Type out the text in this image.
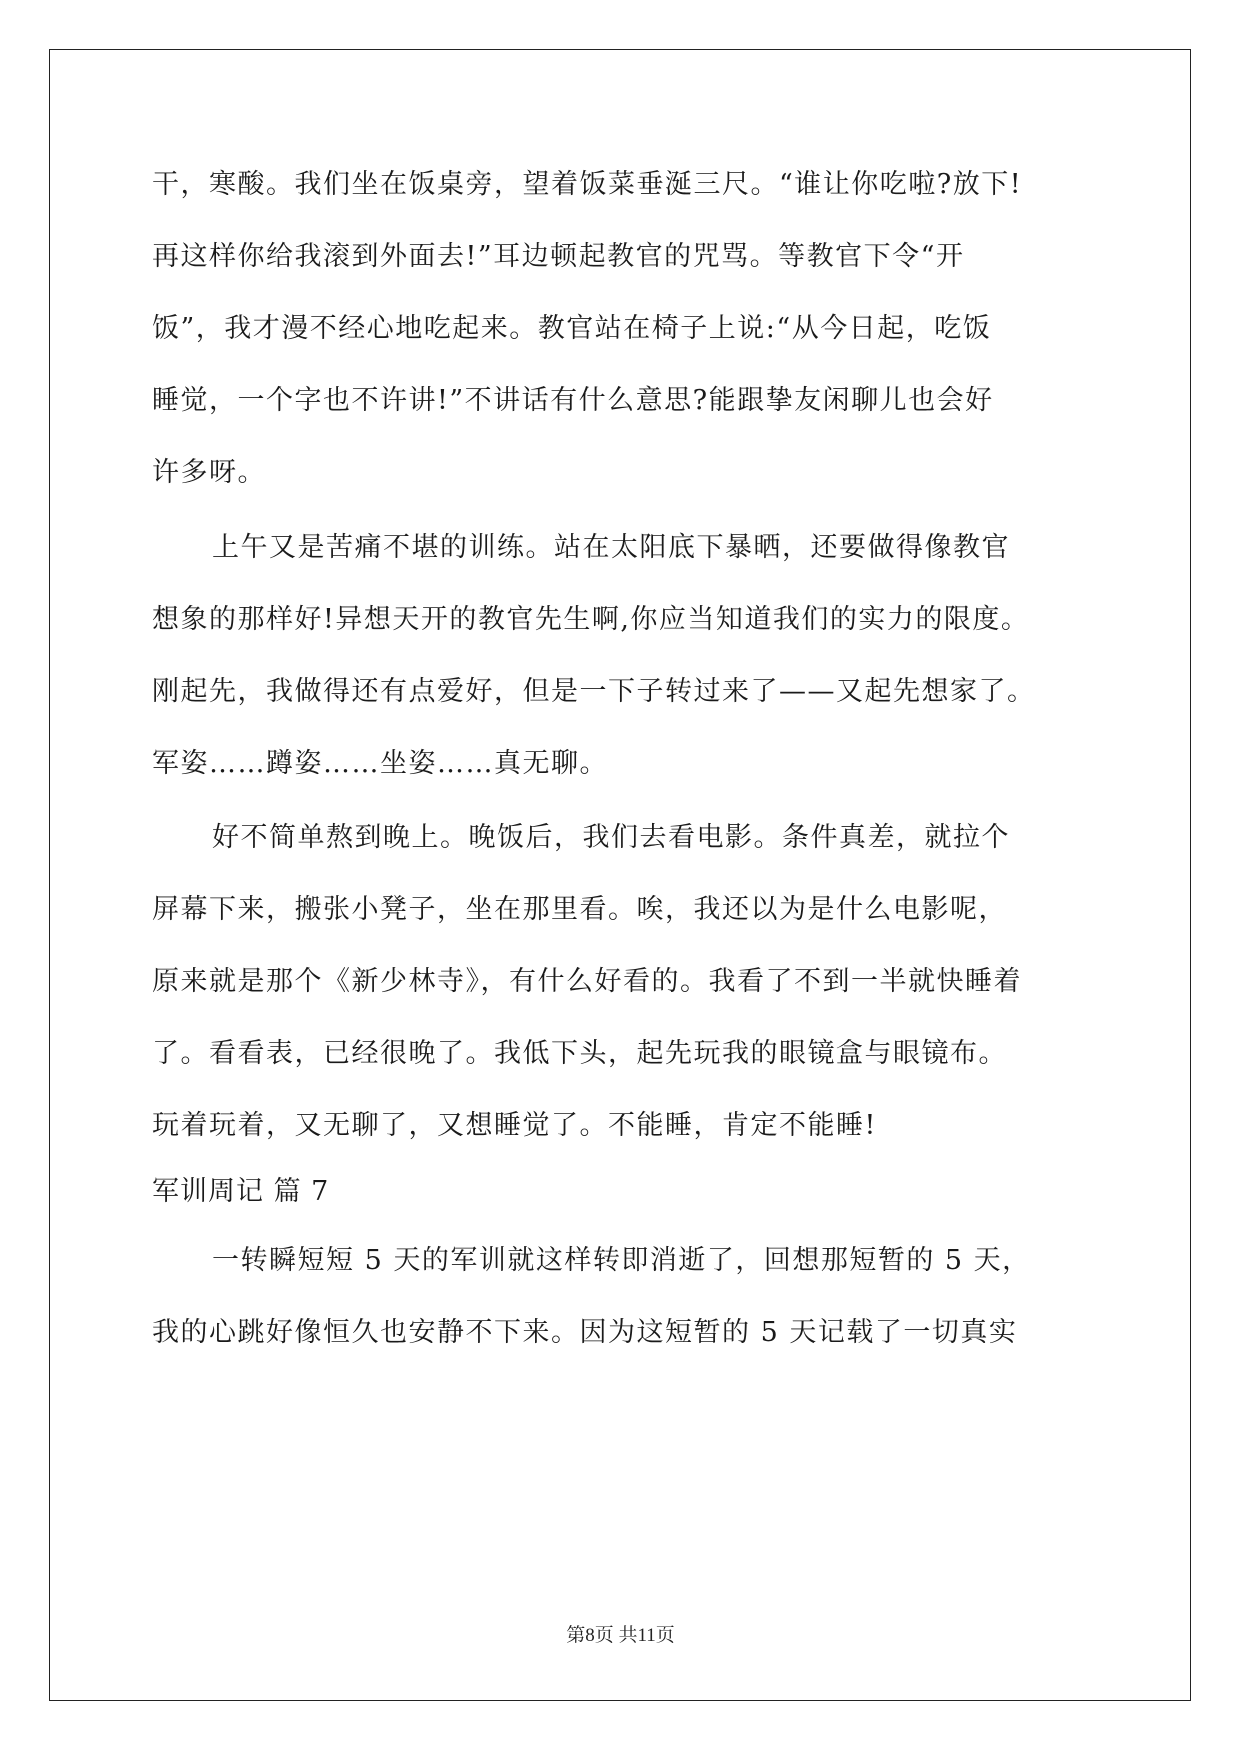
干，寒酸。我们坐在饭桌旁，望着饭菜垂涎三尺。“谁让你吃啦?放下!
再这样你给我滚到外面去!”耳边顿起教官的咒骂。等教官下令“开
饭”，我才漫不经心地吃起来。教官站在椅子上说:“从今日起，吃饭
睡觉，一个字也不许讲!”不讲话有什么意思?能跟挚友闲聊儿也会好
许多呀。
上午又是苦痛不堪的训练。站在太阳底下暴晒，还要做得像教官
想象的那样好!异想天开的教官先生啊,你应当知道我们的实力的限度。
刚起先，我做得还有点爱好，但是一下子转过来了——又起先想家了。
军姿……蹲姿……坐姿……真无聊。
好不简单熬到晚上。晚饭后，我们去看电影。条件真差，就拉个
屏幕下来，搬张小凳子，坐在那里看。唉，我还以为是什么电影呢，
原来就是那个《新少林寺》，有什么好看的。我看了不到一半就快睡着
了。看看表，已经很晚了。我低下头，起先玩我的眼镜盒与眼镜布。
玩着玩着，又无聊了，又想睡觉了。不能睡，肯定不能睡!
军训周记 篇 7
一转瞬短短 5 天的军训就这样转即消逝了，回想那短暂的 5 天，
我的心跳好像恒久也安静不下来。因为这短暂的 5 天记载了一切真实
第8页 共11页
